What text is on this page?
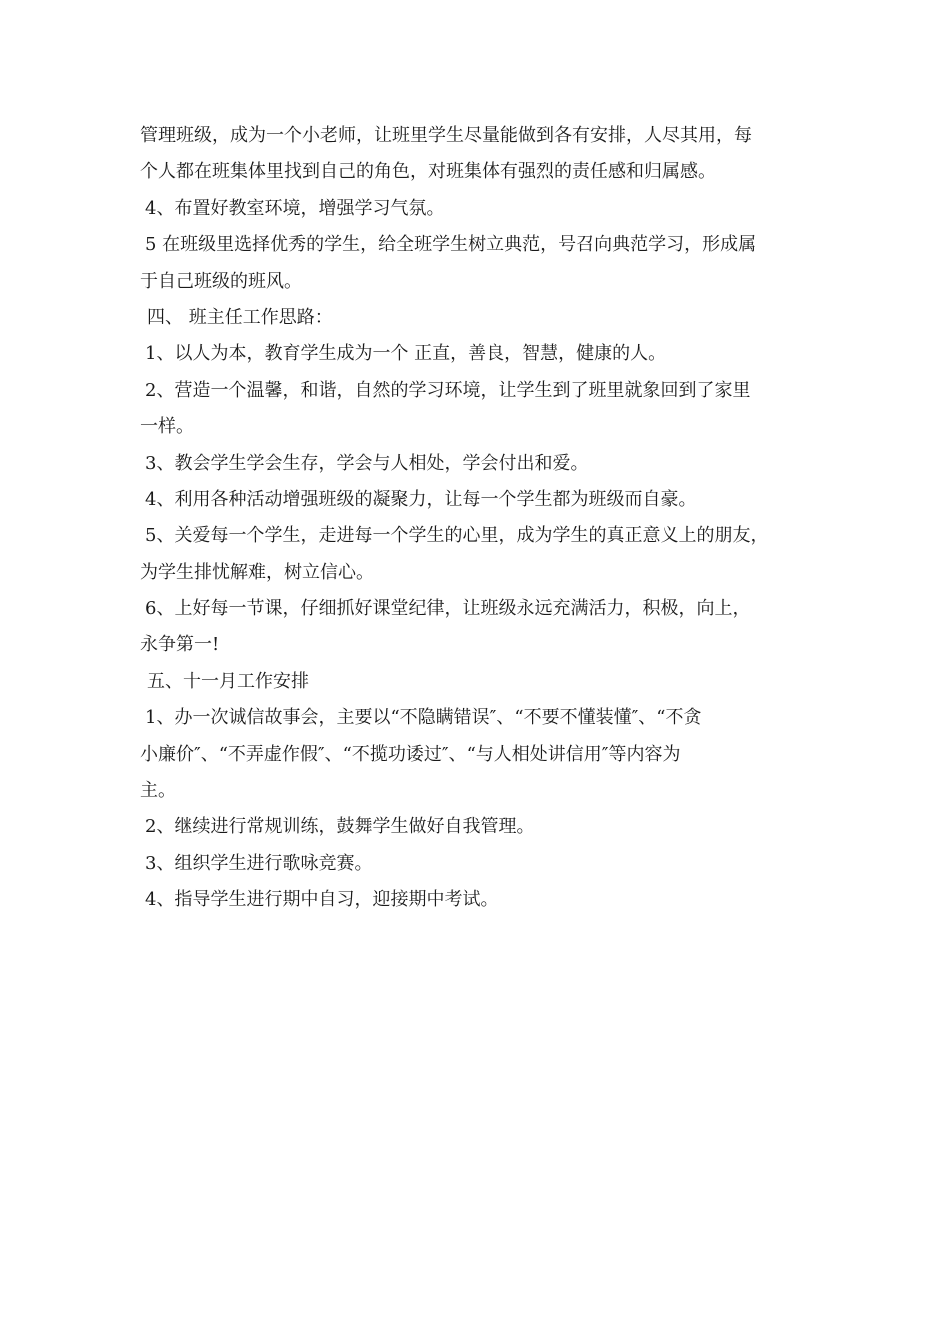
管理班级，成为一个小老师，让班里学生尽量能做到各有安排，人尽其用，每
个人都在班集体里找到自己的角色，对班集体有强烈的责任感和归属感。
4、布置好教室环境，增强学习气氛。
5 在班级里选择优秀的学生，给全班学生树立典范，号召向典范学习，形成属
于自己班级的班风。
四、 班主任工作思路：
1、以人为本，教育学生成为一个 正直，善良，智慧，健康的人。
2、营造一个温馨，和谐，自然的学习环境，让学生到了班里就象回到了家里
一样。
3、教会学生学会生存，学会与人相处，学会付出和爱。
4、利用各种活动增强班级的凝聚力，让每一个学生都为班级而自豪。
5、关爱每一个学生，走进每一个学生的心里，成为学生的真正意义上的朋友，
为学生排忧解难，树立信心。
6、上好每一节课，仔细抓好课堂纪律，让班级永远充满活力，积极，向上，
永争第一!
五、十一月工作安排
1、办一次诚信故事会，主要以“不隐瞒错误″、“不要不懂装懂″、“不贪
小廉价″、“不弄虚作假″、“不揽功诿过″、“与人相处讲信用″等内容为
主。
2、继续进行常规训练，鼓舞学生做好自我管理。
3、组织学生进行歌咏竞赛。
4、指导学生进行期中自习，迎接期中考试。
